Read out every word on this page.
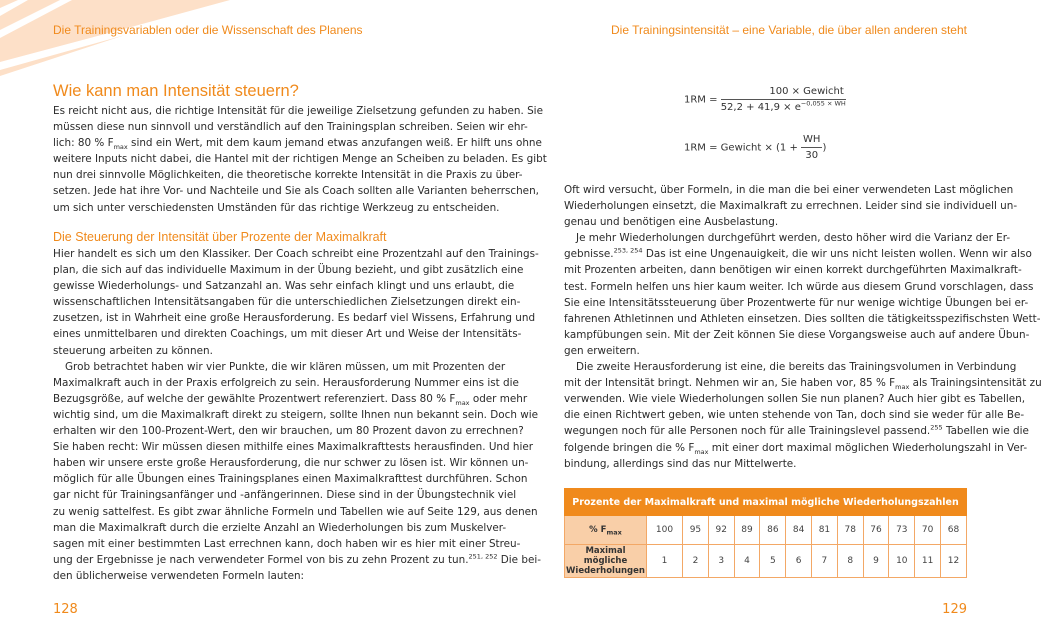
Die Trainingsvariablen oder die Wissenschaft des Planens	Die Trainingsintensität – eine Variable, die über allen anderen steht
Wie kann man Intensität steuern?
Es reicht nicht aus, die richtige Intensität für die jeweilige Zielsetzung gefunden zu haben. Sie
müssen diese nun sinnvoll und verständlich auf den Trainingsplan schreiben. Seien wir ehr-
lich: 80 % $F_{max}$ sind ein Wert, mit dem kaum jemand etwas anzufangen weiß. Er hilft uns ohne
weitere Inputs nicht dabei, die Hantel mit der richtigen Menge an Scheiben zu beladen. Es gibt
nun drei sinnvolle Möglichkeiten, die theoretische korrekte Intensität in die Praxis zu über-
setzen. Jede hat ihre Vor- und Nachteile und Sie als Coach sollten alle Varianten beherrschen,
um sich unter verschiedensten Umständen für das richtige Werkzeug zu entscheiden.
Die Steuerung der Intensität über Prozente der Maximalkraft
Hier handelt es sich um den Klassiker. Der Coach schreibt eine Prozentzahl auf den Trainings-
plan, die sich auf das individuelle Maximum in der Übung bezieht, und gibt zusätzlich eine
gewisse Wiederholungs- und Satzanzahl an. Was sehr einfach klingt und uns erlaubt, die
wissenschaftlichen Intensitätsangaben für die unterschiedlichen Zielsetzungen direkt ein-
zusetzen, ist in Wahrheit eine große Herausforderung. Es bedarf viel Wissens, Erfahrung und
eines unmittelbaren und direkten Coachings, um mit dieser Art und Weise der Intensitäts-
steuerung arbeiten zu können.
Grob betrachtet haben wir vier Punkte, die wir klären müssen, um mit Prozenten der
Maximalkraft auch in der Praxis erfolgreich zu sein. Herausforderung Nummer eins ist die
Bezugsgröße, auf welche der gewählte Prozentwert referenziert. Dass 80 % $F_{max}$ oder mehr
wichtig sind, um die Maximalkraft direkt zu steigern, sollte Ihnen nun bekannt sein. Doch wie
erhalten wir den 100-Prozent-Wert, den wir brauchen, um 80 Prozent davon zu errechnen?
Sie haben recht: Wir müssen diesen mithilfe eines Maximalkrafttests herausfinden. Und hier
haben wir unsere erste große Herausforderung, die nur schwer zu lösen ist. Wir können un-
möglich für alle Übungen eines Trainingsplanes einen Maximalkrafttest durchführen. Schon
gar nicht für Trainingsanfänger und -anfängerinnen. Diese sind in der Übungstechnik viel
zu wenig sattelfest. Es gibt zwar ähnliche Formeln und Tabellen wie auf Seite 129, aus denen
man die Maximalkraft durch die erzielte Anzahl an Wiederholungen bis zum Muskelver-
sagen mit einer bestimmten Last errechnen kann, doch haben wir es hier mit einer Streu-
ung der Ergebnisse je nach verwendeter Formel von bis zu zehn Prozent zu tun.$^{251, 252}$ Die bei-
den üblicherweise verwendeten Formeln lauten:
128
$1RM = \frac{\text{100 × Gewicht}}{52,2 + 41,9 \times e^{-0,055 \times WH}}$
1RM = Gewicht × ($1 + \frac{WH}{30}$ )
Oft wird versucht, über Formeln, in die man die bei einer verwendeten Last möglichen
Wiederholungen einsetzt, die Maximalkraft zu errechnen. Leider sind sie individuell un-
genau und benötigen eine Ausbelastung.
Je mehr Wiederholungen durchgeführt werden, desto höher wird die Varianz der Er-
gebnisse.$^{253, 254}$ Das ist eine Ungenauigkeit, die wir uns nicht leisten wollen. Wenn wir also
mit Prozenten arbeiten, dann benötigen wir einen korrekt durchgeführten Maximalkraft-
test. Formeln helfen uns hier kaum weiter. Ich würde aus diesem Grund vorschlagen, dass
Sie eine Intensitätssteuerung über Prozentwerte für nur wenige wichtige Übungen bei er-
fahrenen Athletinnen und Athleten einsetzen. Dies sollten die tätigkeitsspezifischsten Wett-
kampfübungen sein. Mit der Zeit können Sie diese Vorgangsweise auch auf andere Übun-
gen erweitern.
Die zweite Herausforderung ist eine, die bereits das Trainingsvolumen in Verbindung
mit der Intensität bringt. Nehmen wir an, Sie haben vor, 85 % $F_{max}$ als Trainingsintensität zu
verwenden. Wie viele Wiederholungen sollen Sie nun planen? Auch hier gibt es Tabellen,
die einen Richtwert geben, wie unten stehende von Tan, doch sind sie weder für alle Be-
wegungen noch für alle Personen noch für alle Trainingslevel passend.$^{255}$ Tabellen wie die
folgende bringen die % $F_{max}$ mit einer dort maximal möglichen Wiederholungszahl in Ver-
bindung, allerdings sind das nur Mittelwerte.
Prozente der Maximalkraft und maximal mögliche Wiederholungszahlen												
% $F_{max}$	100	95	92	89	86	84	81	78	76	73	70	68
Maximal mögliche Wiederholungen	1	2	3	4	5	6	7	8	9	10	11	12
129
